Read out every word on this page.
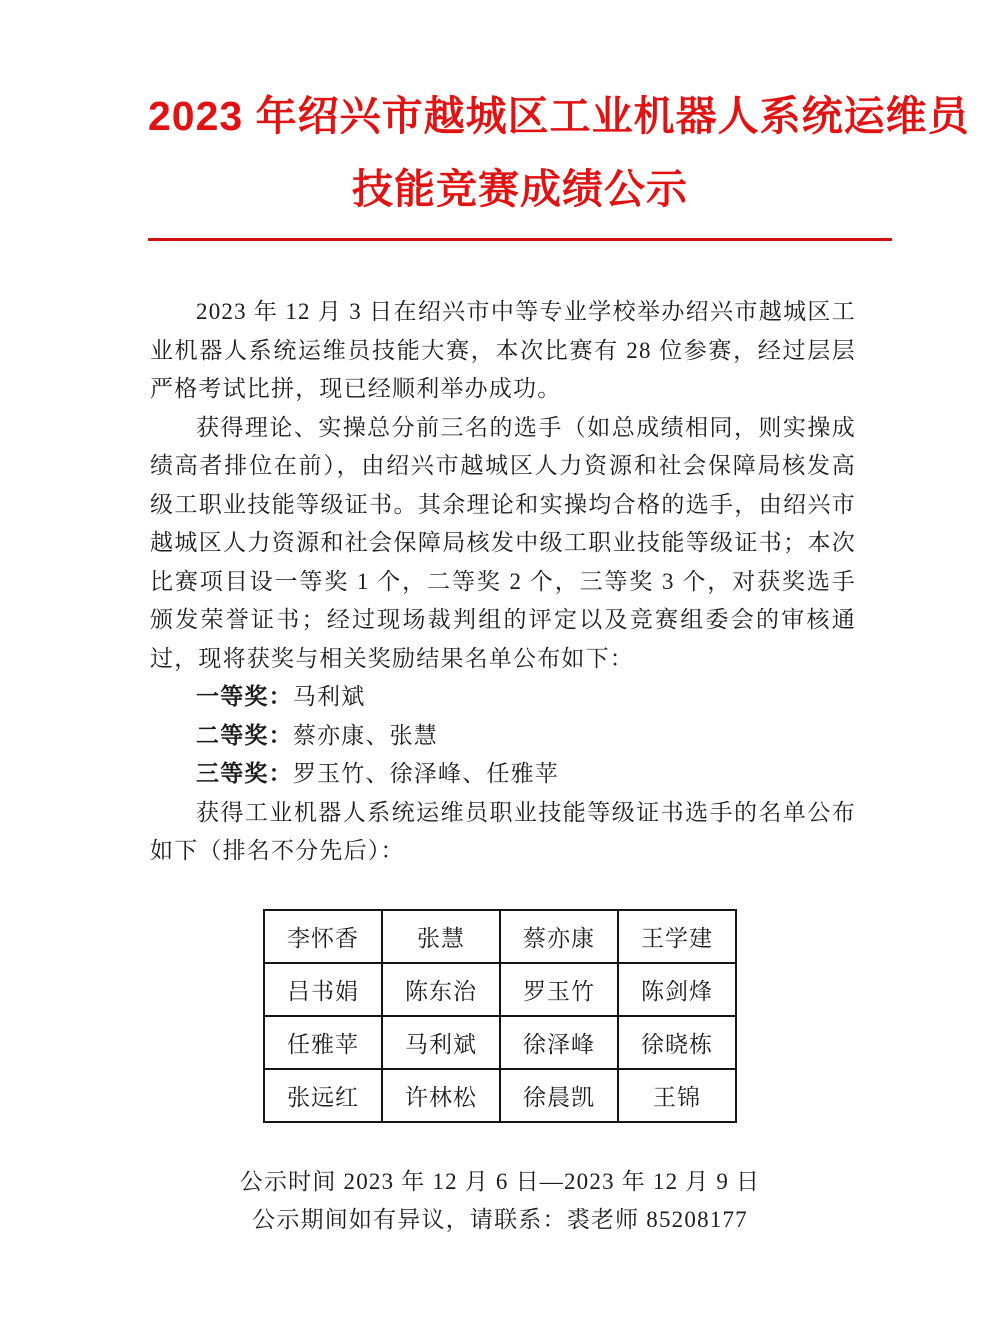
2023 年绍兴市越城区工业机器人系统运维员
技能竞赛成绩公示

2023 年 12 月 3 日在绍兴市中等专业学校举办绍兴市越城区工业机器人系统运维员技能大赛，本次比赛有 28 位参赛，经过层层严格考试比拼，现已经顺利举办成功。

获得理论、实操总分前三名的选手（如总成绩相同，则实操成绩高者排位在前），由绍兴市越城区人力资源和社会保障局核发高级工职业技能等级证书。其余理论和实操均合格的选手，由绍兴市越城区人力资源和社会保障局核发中级工职业技能等级证书；本次比赛项目设一等奖 1 个，二等奖 2 个，三等奖 3 个，对获奖选手颁发荣誉证书；经过现场裁判组的评定以及竞赛组委会的审核通过，现将获奖与相关奖励结果名单公布如下：

一等奖：马利斌

二等奖：蔡亦康、张慧

三等奖：罗玉竹、徐泽峰、任雅苹

获得工业机器人系统运维员职业技能等级证书选手的名单公布如下（排名不分先后）：

李怀香	张慧	蔡亦康	王学建
吕书娟	陈东治	罗玉竹	陈剑烽
任雅苹	马利斌	徐泽峰	徐晓栋
张远红	许林松	徐晨凯	王锦
公示时间 2023 年 12 月 6 日—2023 年 12 月 9 日
公示期间如有异议，请联系：裘老师 85208177
